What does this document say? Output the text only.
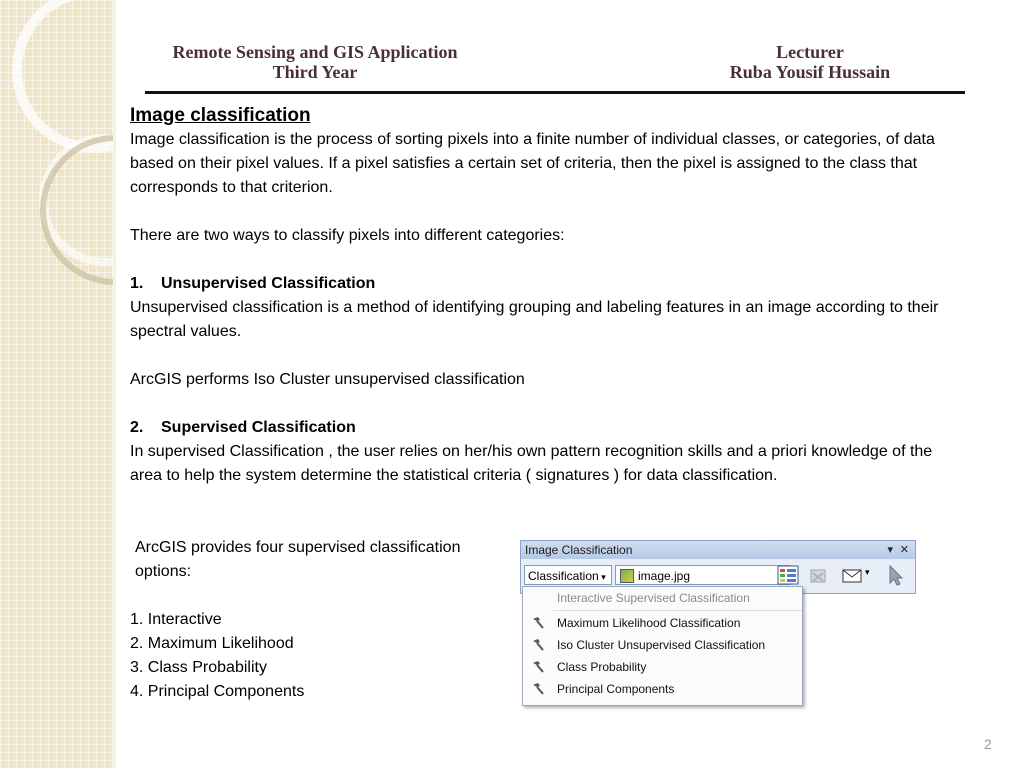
Remote Sensing and GIS Application
Third Year
Lecturer
Ruba Yousif Hussain

Image classification

Image classification is the process of sorting pixels into a finite number of individual classes, or categories, of data based on their pixel values. If a pixel satisfies a certain set of criteria, then the pixel is assigned to the class that corresponds to that criterion.

There are two ways to classify pixels into different categories:

1. Unsupervised Classification

Unsupervised classification is a method of identifying grouping and labeling features in an image according to their spectral values.

ArcGIS performs Iso Cluster unsupervised classification

2. Supervised Classification

In supervised Classification , the user relies on her/his own pattern recognition skills and a priori knowledge of the area to help the system determine the statistical criteria ( signatures ) for data classification.

ArcGIS provides four supervised classification options:
1. Interactive
2. Maximum Likelihood
3. Class Probability
4. Principal Components
Image Classification	▾ ✕
Classification ▾	image.jpg	▾
Interactive Supervised Classification
Maximum Likelihood Classification
Iso Cluster Unsupervised Classification
Class Probability
Principal Components
2
